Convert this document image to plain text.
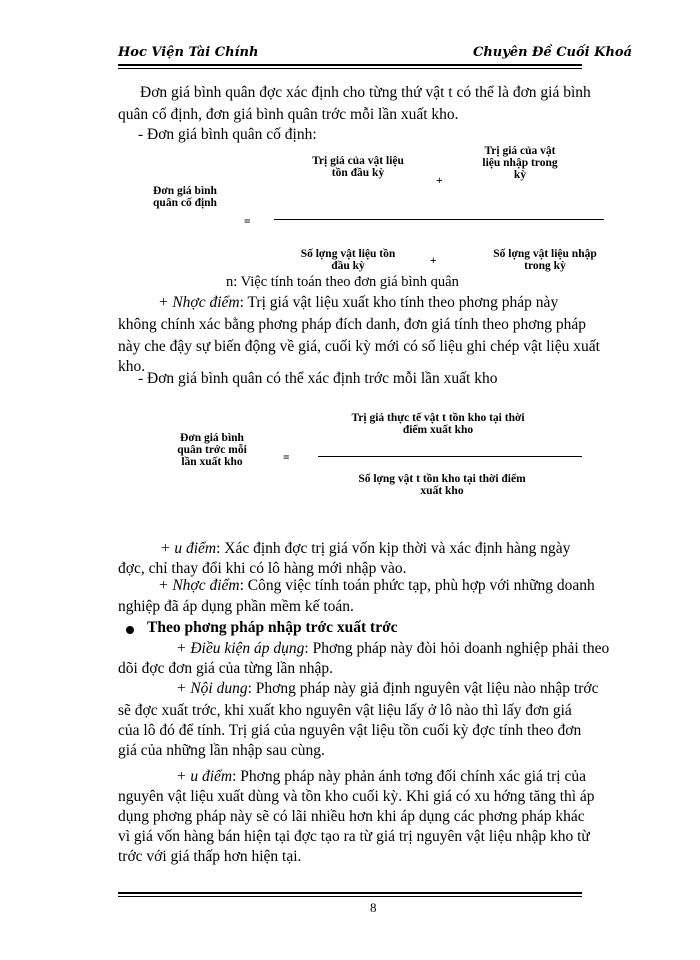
Hoc Viện Tài Chính	Chuyên Đề Cuối Khoá
Đơn giá bình quân đợc xác định cho từng thứ vật t có thể là đơn giá bình
quân cố định, đơn giá bình quân trớc mỗi lần xuất kho.
- Đơn giá bình quân cố định:
Đơn giá bình quân cố định
=
Trị giá của vật liệu tồn đầu kỳ
+
Trị giá của vật liệu nhập trong kỳ
Số lợng vật liệu tồn đầu kỳ	+
Số lợng vật liệu nhập trong kỳ
n: Việc tính toán theo đơn giá bình quân
+ Nhợc điểm: Trị giá vật liệu xuất kho tính theo phơng pháp này
không chính xác bằng phơng pháp đích danh, đơn giá tính theo phơng pháp
này che đậy sự biến động về giá, cuối kỳ mới có số liệu ghi chép vật liệu xuất
kho.
- Đơn giá bình quân có thể xác định trớc mỗi lần xuất kho
Đơn giá bình quân trớc mỗi lần xuất kho	=
Trị giá thực tế vật t tồn kho tại thời điểm xuất kho
Số lợng vật t tồn kho tại thời điểm xuất kho
+ u điểm: Xác định đợc trị giá vốn kịp thời và xác định hàng ngày
đợc, chỉ thay đổi khi có lô hàng mới nhập vào.
+ Nhợc điểm: Công việc tính toán phức tạp, phù hợp với những doanh
nghiệp đã áp dụng phần mềm kế toán.
Theo phơng pháp nhập trớc xuất trớc
+ Điều kiện áp dụng: Phơng pháp này đòi hỏi doanh nghiệp phải theo
dõi đợc đơn giá của từng lần nhập.
+ Nội dung: Phơng pháp này giả định nguyên vật liệu nào nhập trớc
sẽ đợc xuất trớc, khi xuất kho nguyên vật liệu lấy ở lô nào thì lấy đơn giá
của lô đó để tính. Trị giá của nguyên vật liệu tồn cuối kỳ đợc tính theo đơn
giá của những lần nhập sau cùng.
+ u điểm: Phơng pháp này phản ánh tơng đối chính xác giá trị của
nguyên vật liệu xuất dùng và tồn kho cuối kỳ. Khi giá có xu hớng tăng thì áp
dụng phơng pháp này sẽ có lãi nhiều hơn khi áp dụng các phơng pháp khác
vì giá vốn hàng bán hiện tại đợc tạo ra từ giá trị nguyên vật liệu nhập kho từ
trớc với giá thấp hơn hiện tại.
8
